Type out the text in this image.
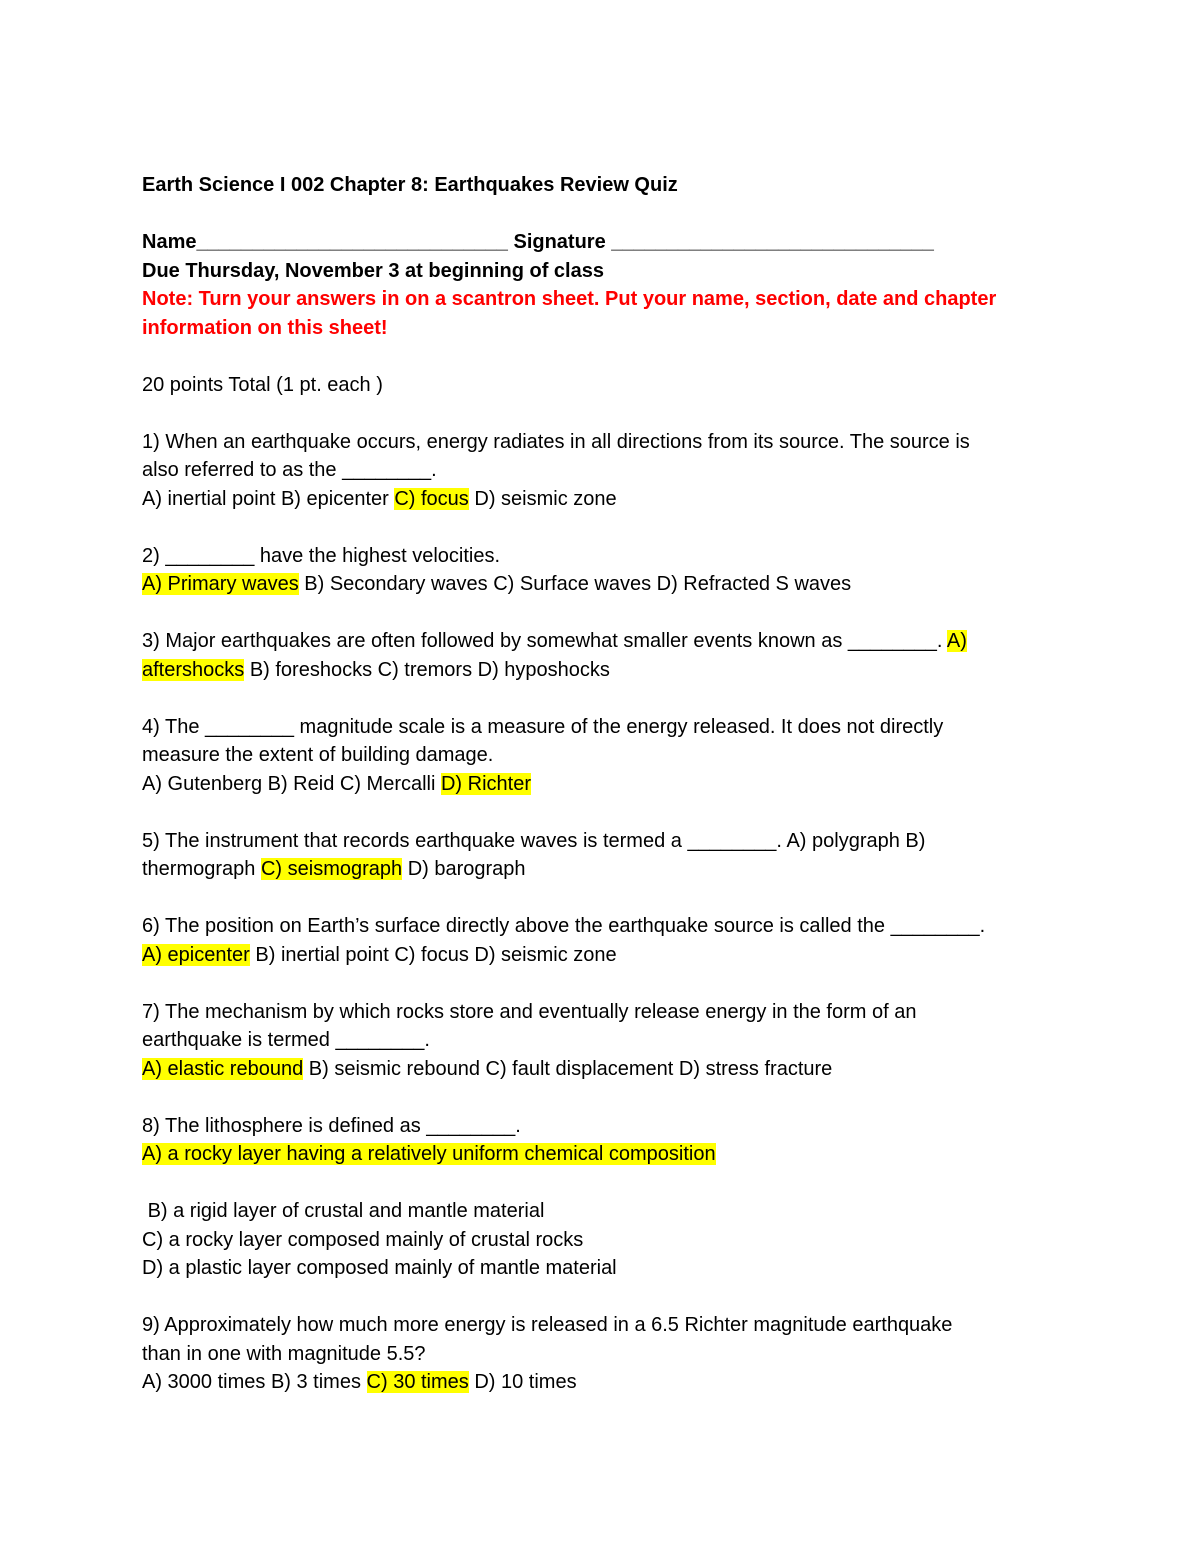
Earth Science I 002 Chapter 8: Earthquakes Review Quiz
Name____________________________ Signature _____________________________
Due Thursday, November 3 at beginning of class
Note: Turn your answers in on a scantron sheet. Put your name, section, date and chapter
information on this sheet!
20 points Total (1 pt. each )
1) When an earthquake occurs, energy radiates in all directions from its source. The source is
also referred to as the ________.
A) inertial point B) epicenter C) focus D) seismic zone
2) ________ have the highest velocities.
A) Primary waves B) Secondary waves C) Surface waves D) Refracted S waves
3) Major earthquakes are often followed by somewhat smaller events known as ________. A)
aftershocks B) foreshocks C) tremors D) hyposhocks
4) The ________ magnitude scale is a measure of the energy released. It does not directly
measure the extent of building damage.
A) Gutenberg B) Reid C) Mercalli D) Richter
5) The instrument that records earthquake waves is termed a ________. A) polygraph B)
thermograph C) seismograph D) barograph
6) The position on Earth’s surface directly above the earthquake source is called the ________.
A) epicenter B) inertial point C) focus D) seismic zone
7) The mechanism by which rocks store and eventually release energy in the form of an
earthquake is termed ________.
A) elastic rebound B) seismic rebound C) fault displacement D) stress fracture
8) The lithosphere is defined as ________.
A) a rocky layer having a relatively uniform chemical composition
B) a rigid layer of crustal and mantle material
C) a rocky layer composed mainly of crustal rocks
D) a plastic layer composed mainly of mantle material
9) Approximately how much more energy is released in a 6.5 Richter magnitude earthquake
than in one with magnitude 5.5?
A) 3000 times B) 3 times C) 30 times D) 10 times
